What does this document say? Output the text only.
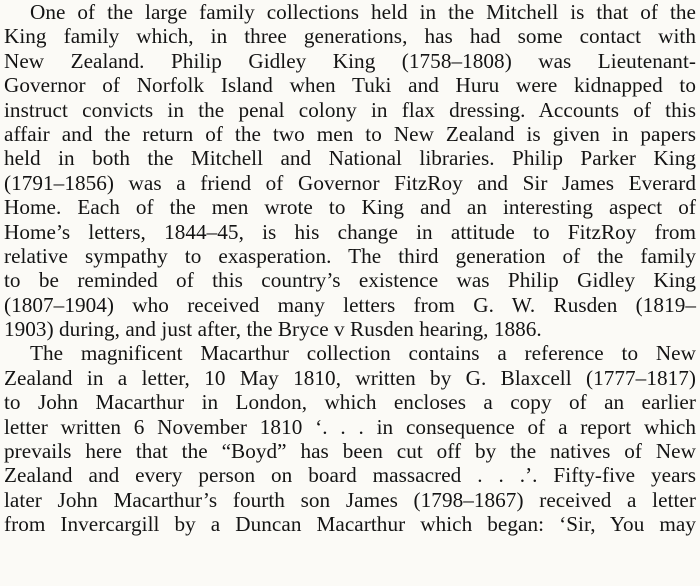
One of the large family collections held in the Mitchell is that of the
King family which, in three generations, has had some contact with
New Zealand. Philip Gidley King (1758–1808) was Lieutenant-
Governor of Norfolk Island when Tuki and Huru were kidnapped to
instruct convicts in the penal colony in flax dressing. Accounts of this
affair and the return of the two men to New Zealand is given in papers
held in both the Mitchell and National libraries. Philip Parker King
(1791–1856) was a friend of Governor FitzRoy and Sir James Everard
Home. Each of the men wrote to King and an interesting aspect of
Home’s letters, 1844–45, is his change in attitude to FitzRoy from
relative sympathy to exasperation. The third generation of the family
to be reminded of this country’s existence was Philip Gidley King
(1807–1904) who received many letters from G. W. Rusden (1819–
1903) during, and just after, the Bryce v Rusden hearing, 1886.
The magnificent Macarthur collection contains a reference to New
Zealand in a letter, 10 May 1810, written by G. Blaxcell (1777–1817)
to John Macarthur in London, which encloses a copy of an earlier
letter written 6 November 1810 ‘. . . in consequence of a report which
prevails here that the “Boyd” has been cut off by the natives of New
Zealand and every person on board massacred . . .’. Fifty-five years
later John Macarthur’s fourth son James (1798–1867) received a letter
from Invercargill by a Duncan Macarthur which began: ‘Sir, You may
